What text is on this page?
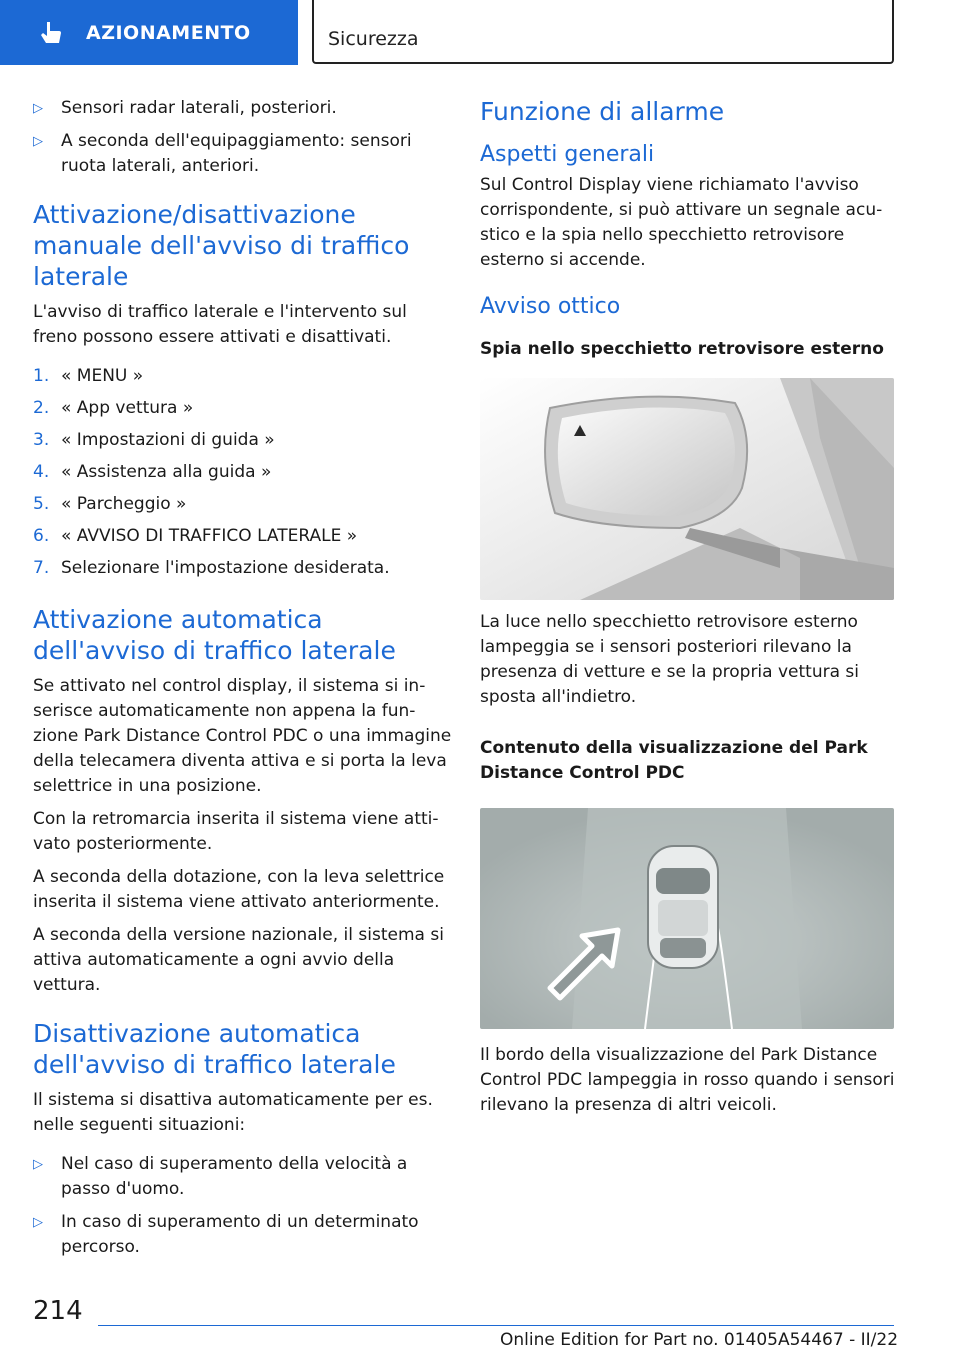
AZIONAMENTO	Sicurezza
▷	Sensori radar laterali, posteriori.
▷	A seconda dell'equipaggiamento: sensori ruota laterali, anteriori.
Attivazione/disattivazione manuale dell'avviso di traffico laterale

L'avviso di traffico laterale e l'intervento sul freno possono essere attivati e disattivati.

1. « MENU »
2. « App vettura »
3. « Impostazioni di guida »
4. « Assistenza alla guida »
5. « Parcheggio »
6. « AVVISO DI TRAFFICO LATERALE »
7. Selezionare l'impostazione desiderata.
Attivazione automatica dell'avviso di traffico laterale

Se attivato nel control display, il sistema si inserisce automaticamente non appena la funzione Park Distance Control PDC o una immagine della telecamera diventa attiva e si porta la leva selettrice in una posizione.

Con la retromarcia inserita il sistema viene attivato posteriormente.

A seconda della dotazione, con la leva selettrice inserita il sistema viene attivato anteriormente.

A seconda della versione nazionale, il sistema si attiva automaticamente a ogni avvio della vettura.

Disattivazione automatica dell'avviso di traffico laterale

Il sistema si disattiva automaticamente per es. nelle seguenti situazioni:

▷	Nel caso di superamento della velocità a passo d'uomo.
▷	In caso di superamento di un determinato percorso.
Funzione di allarme
Aspetti generali

Sul Control Display viene richiamato l'avviso corrispondente, si può attivare un segnale acustico e la spia nello specchietto retrovisore esterno si accende.

Avviso ottico
Spia nello specchietto retrovisore esterno

La luce nello specchietto retrovisore esterno lampeggia se i sensori posteriori rilevano la presenza di vetture e se la propria vettura si sposta all'indietro.

Contenuto della visualizzazione del Park Distance Control PDC

Il bordo della visualizzazione del Park Distance Control PDC lampeggia in rosso quando i sensori rilevano la presenza di altri veicoli.

214
Online Edition for Part no. 01405A54467 - II/22
